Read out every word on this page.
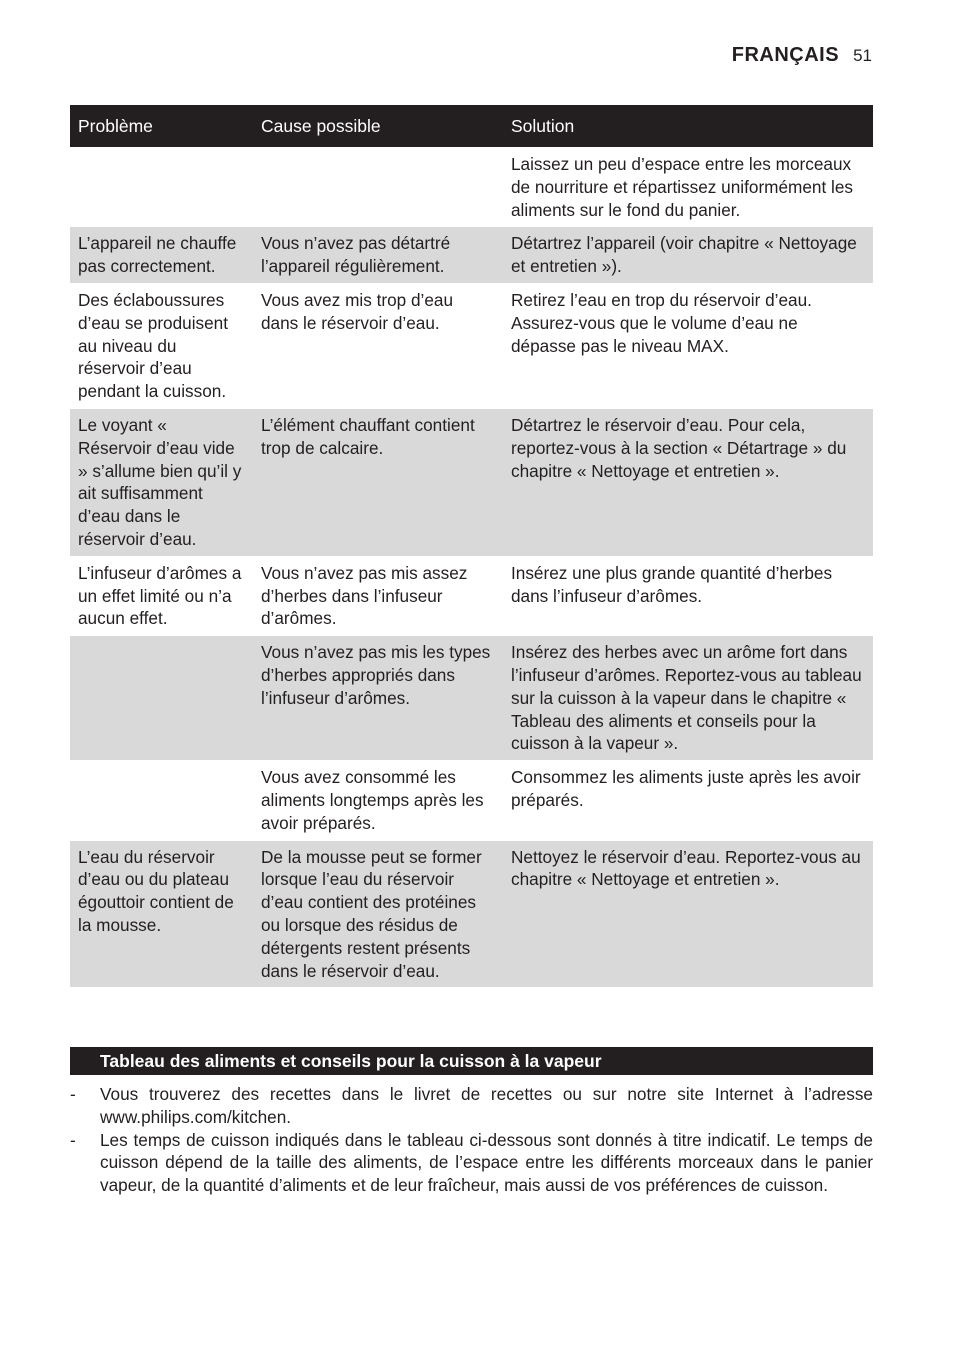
FRANÇAIS 51
Problème	Cause possible	Solution
		Laissez un peu d’espace entre les morceaux de nourriture et répartissez uniformément les aliments sur le fond du panier.
L’appareil ne chauffe pas correctement.	Vous n’avez pas détartré l’appareil régulièrement.	Détartrez l’appareil (voir chapitre « Nettoyage et entretien »).
Des éclaboussures d’eau se produisent au niveau du réservoir d’eau pendant la cuisson.	Vous avez mis trop d’eau dans le réservoir d’eau.	Retirez l’eau en trop du réservoir d’eau. Assurez-vous que le volume d’eau ne dépasse pas le niveau MAX.
Le voyant « Réservoir d’eau vide » s’allume bien qu’il y ait suffisamment d’eau dans le réservoir d’eau.	L’élément chauffant contient trop de calcaire.	Détartrez le réservoir d’eau. Pour cela, reportez-vous à la section « Détartrage » du chapitre « Nettoyage et entretien ».
L’infuseur d’arômes a un effet limité ou n’a aucun effet.	Vous n’avez pas mis assez d’herbes dans l’infuseur d’arômes.	Insérez une plus grande quantité d’herbes dans l’infuseur d’arômes.
	Vous n’avez pas mis les types d’herbes appropriés dans l’infuseur d’arômes.	Insérez des herbes avec un arôme fort dans l’infuseur d’arômes. Reportez-vous au tableau sur la cuisson à la vapeur dans le chapitre « Tableau des aliments et conseils pour la cuisson à la vapeur ».
	Vous avez consommé les aliments longtemps après les avoir préparés.	Consommez les aliments juste après les avoir préparés.
L’eau du réservoir d’eau ou du plateau égouttoir contient de la mousse.	De la mousse peut se former lorsque l’eau du réservoir d’eau contient des protéines ou lorsque des résidus de détergents restent présents dans le réservoir d’eau.	Nettoyez le réservoir d’eau. Reportez-vous au chapitre « Nettoyage et entretien ».
Tableau des aliments et conseils pour la cuisson à la vapeur
- Vous trouverez des recettes dans le livret de recettes ou sur notre site Internet à l’adresse www.philips.com/kitchen.
- Les temps de cuisson indiqués dans le tableau ci-dessous sont donnés à titre indicatif. Le temps de cuisson dépend de la taille des aliments, de l’espace entre les différents morceaux dans le panier vapeur, de la quantité d’aliments et de leur fraîcheur, mais aussi de vos préférences de cuisson.
